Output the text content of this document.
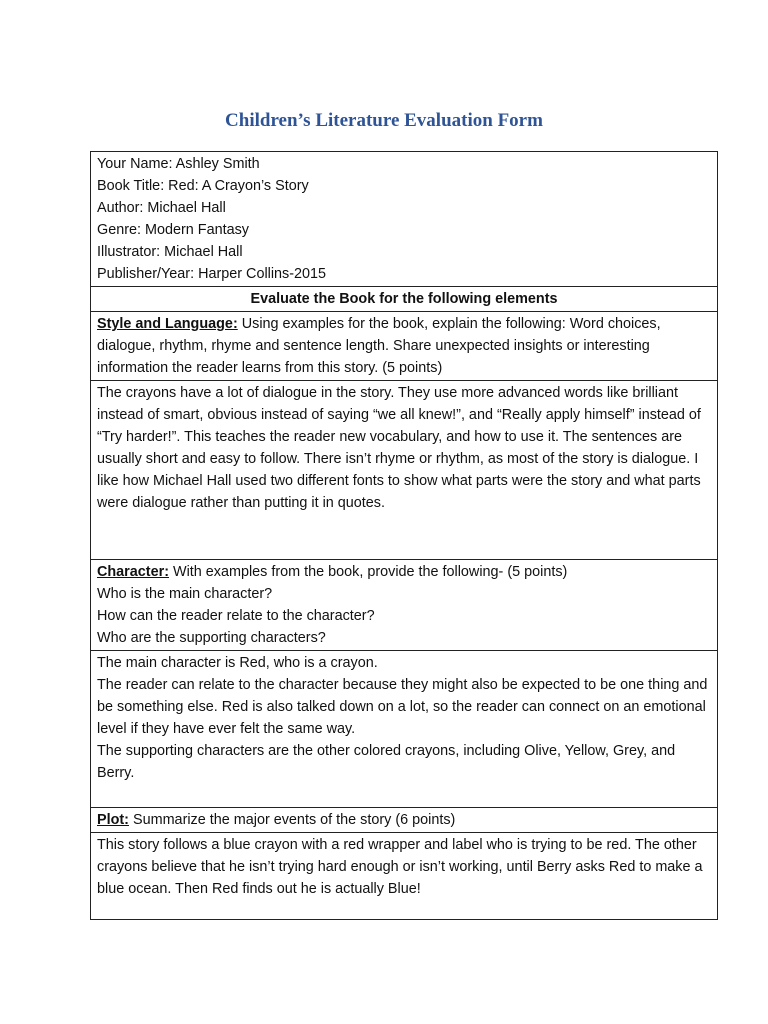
Children’s Literature Evaluation Form
Your Name: Ashley Smith
Book Title: Red: A Crayon’s Story
Author: Michael Hall
Genre: Modern Fantasy
Illustrator: Michael Hall
Publisher/Year: Harper Collins-2015

Evaluate the Book for the following elements
Style and Language: Using examples for the book, explain the following: Word choices, dialogue, rhythm, rhyme and sentence length. Share unexpected insights or interesting information the reader learns from this story. (5 points)
The crayons have a lot of dialogue in the story. They use more advanced words like brilliant instead of smart, obvious instead of saying “we all knew!”, and “Really apply himself” instead of “Try harder!”. This teaches the reader new vocabulary, and how to use it. The sentences are usually short and easy to follow. There isn’t rhyme or rhythm, as most of the story is dialogue. I like how Michael Hall used two different fonts to show what parts were the story and what parts were dialogue rather than putting it in quotes.

Character: With examples from the book, provide the following- (5 points)
Who is the main character?
How can the reader relate to the character?
Who are the supporting characters?

The main character is Red, who is a crayon.
The reader can relate to the character because they might also be expected to be one thing and be something else. Red is also talked down on a lot, so the reader can connect on an emotional level if they have ever felt the same way.
The supporting characters are the other colored crayons, including Olive, Yellow, Grey, and Berry.

Plot: Summarize the major events of the story (6 points)
This story follows a blue crayon with a red wrapper and label who is trying to be red. The other crayons believe that he isn’t trying hard enough or isn’t working, until Berry asks Red to make a blue ocean. Then Red finds out he is actually Blue!
